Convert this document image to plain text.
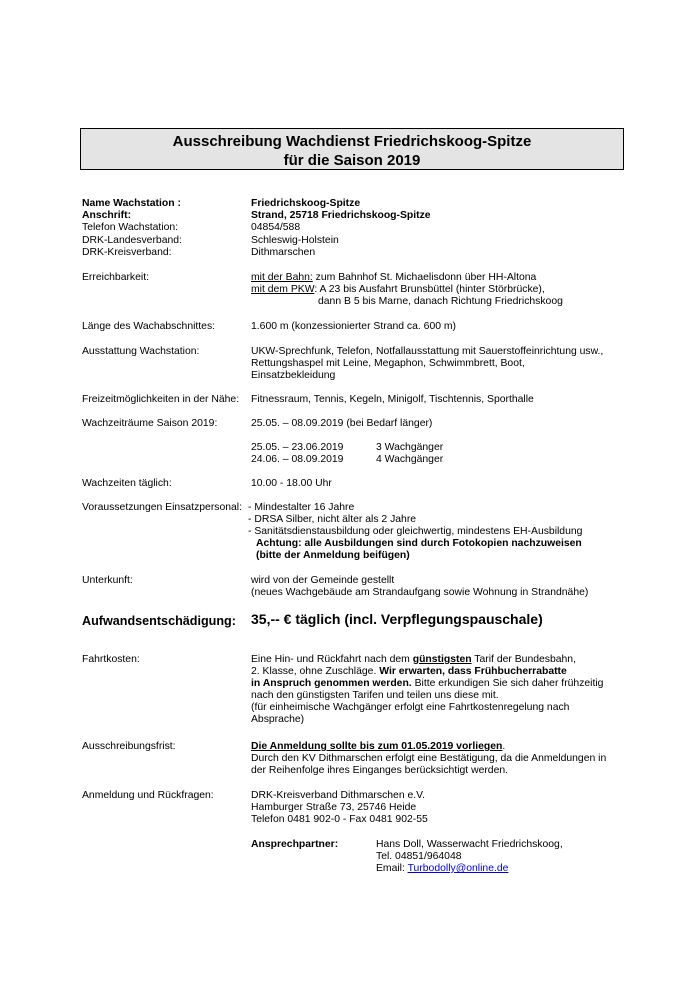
Ausschreibung Wachdienst Friedrichskoog-Spitze
für die Saison 2019
Name Wachstation :	Friedrichskoog-Spitze
Anschrift:	Strand, 25718 Friedrichskoog-Spitze
Telefon Wachstation:	04854/588
DRK-Landesverband:	Schleswig-Holstein
DRK-Kreisverband:	Dithmarschen
Erreichbarkeit:	mit der Bahn: zum Bahnhof St. Michaelisdonn über HH-Altona
mit dem PKW: A 23 bis Ausfahrt Brunsbüttel (hinter Störbrücke),
dann B 5 bis Marne, danach Richtung Friedrichskoog
Länge des Wachabschnittes:	1.600 m (konzessionierter Strand ca. 600 m)
Ausstattung Wachstation:	UKW-Sprechfunk, Telefon, Notfallausstattung mit Sauerstoffeinrichtung usw.,
Rettungshaspel mit Leine, Megaphon, Schwimmbrett, Boot,
Einsatzbekleidung
Freizeitmöglichkeiten in der Nähe: Fitnessraum, Tennis, Kegeln, Minigolf, Tischtennis, Sporthalle
Wachzeiträume Saison 2019:	25.05. – 08.09.2019 (bei Bedarf länger)
25.05. – 23.06.2019	3 Wachgänger
24.06. – 08.09.2019	4 Wachgänger
Wachzeiten täglich:	10.00 - 18.00 Uhr
Voraussetzungen Einsatzpersonal: - Mindestalter 16 Jahre
- DRSA Silber, nicht älter als 2 Jahre
- Sanitätsdienstausbildung oder gleichwertig, mindestens EH-Ausbildung
Achtung: alle Ausbildungen sind durch Fotokopien nachzuweisen
(bitte der Anmeldung beifügen)
Unterkunft:	wird von der Gemeinde gestellt
(neues Wachgebäude am Strandaufgang sowie Wohnung in Strandnähe)
Aufwandsentschädigung: 35,-- € täglich (incl. Verpflegungspauschale)
Fahrtkosten:	Eine Hin- und Rückfahrt nach dem günstigsten Tarif der Bundesbahn,
2. Klasse, ohne Zuschläge. Wir erwarten, dass Frühbucherrabatte
in Anspruch genommen werden. Bitte erkundigen Sie sich daher frühzeitig
nach den günstigsten Tarifen und teilen uns diese mit.
(für einheimische Wachgänger erfolgt eine Fahrtkostenregelung nach
Absprache)
Ausschreibungsfrist:	Die Anmeldung sollte bis zum 01.05.2019 vorliegen.
Durch den KV Dithmarschen erfolgt eine Bestätigung, da die Anmeldungen in
der Reihenfolge ihres Einganges berücksichtigt werden.
Anmeldung und Rückfragen:	DRK-Kreisverband Dithmarschen e.V.
Hamburger Straße 73, 25746 Heide
Telefon 0481 902-0 - Fax 0481 902-55
Ansprechpartner:	Hans Doll, Wasserwacht Friedrichskoog,
Tel. 04851/964048
Email: Turbodolly@online.de
